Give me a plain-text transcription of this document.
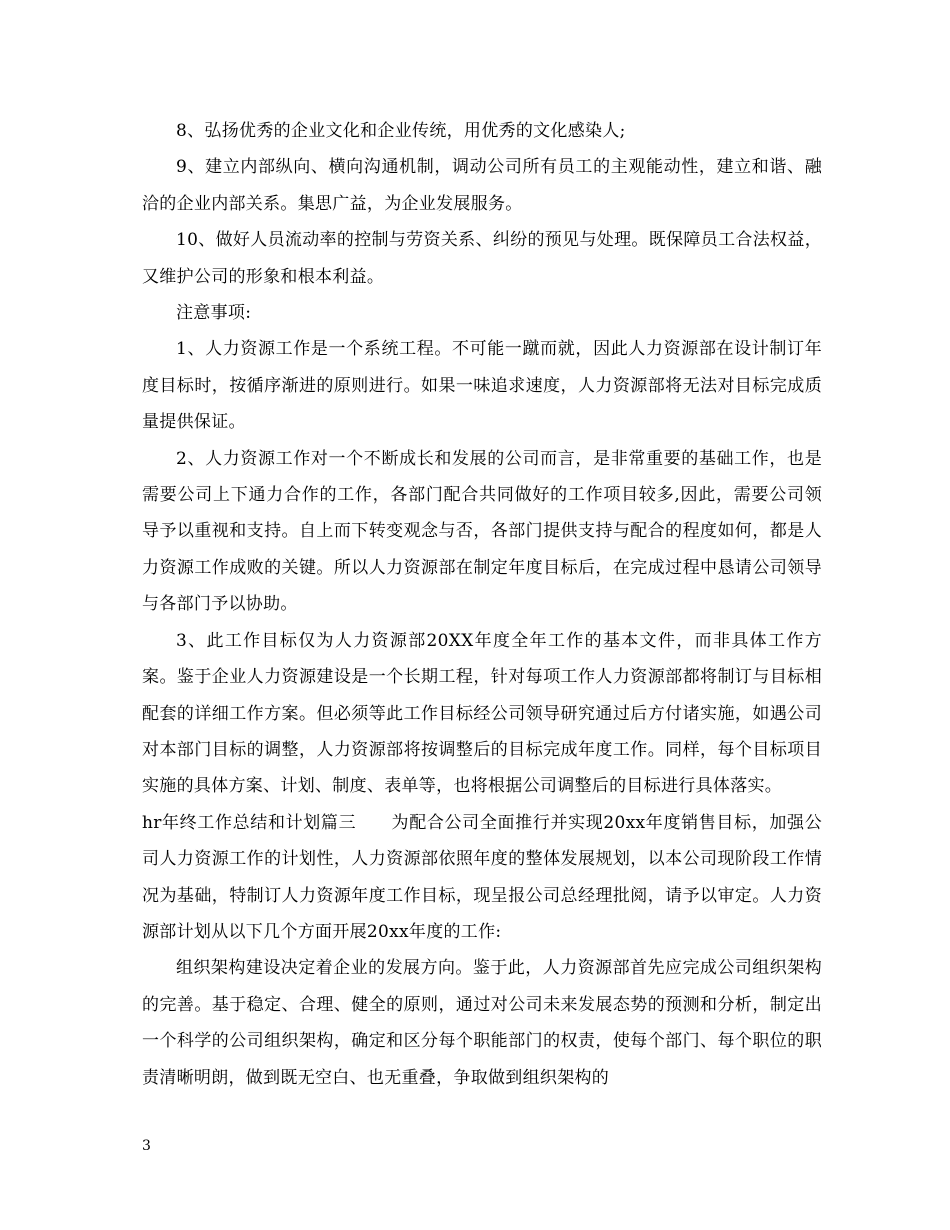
8、弘扬优秀的企业文化和企业传统，用优秀的文化感染人;

9、建立内部纵向、横向沟通机制，调动公司所有员工的主观能动性，建立和谐、融洽的企业内部关系。集思广益，为企业发展服务。

10、做好人员流动率的控制与劳资关系、纠纷的预见与处理。既保障员工合法权益，又维护公司的形象和根本利益。

注意事项:

1、人力资源工作是一个系统工程。不可能一蹴而就，因此人力资源部在设计制订年度目标时，按循序渐进的原则进行。如果一味追求速度，人力资源部将无法对目标完成质量提供保证。

2、人力资源工作对一个不断成长和发展的公司而言，是非常重要的基础工作，也是需要公司上下通力合作的工作，各部门配合共同做好的工作项目较多,因此，需要公司领导予以重视和支持。自上而下转变观念与否，各部门提供支持与配合的程度如何，都是人力资源工作成败的关键。所以人力资源部在制定年度目标后，在完成过程中恳请公司领导与各部门予以协助。

3、此工作目标仅为人力资源部20XX年度全年工作的基本文件，而非具体工作方案。鉴于企业人力资源建设是一个长期工程，针对每项工作人力资源部都将制订与目标相配套的详细工作方案。但必须等此工作目标经公司领导研究通过后方付诸实施，如遇公司对本部门目标的调整，人力资源部将按调整后的目标完成年度工作。同样，每个目标项目实施的具体方案、计划、制度、表单等，也将根据公司调整后的目标进行具体落实。

hr年终工作总结和计划篇三　　为配合公司全面推行并实现20xx年度销售目标，加强公司人力资源工作的计划性，人力资源部依照年度的整体发展规划，以本公司现阶段工作情况为基础，特制订人力资源年度工作目标，现呈报公司总经理批阅，请予以审定。人力资源部计划从以下几个方面开展20xx年度的工作:

组织架构建设决定着企业的发展方向。鉴于此，人力资源部首先应完成公司组织架构的完善。基于稳定、合理、健全的原则，通过对公司未来发展态势的预测和分析，制定出一个科学的公司组织架构，确定和区分每个职能部门的权责，使每个部门、每个职位的职责清晰明朗，做到既无空白、也无重叠，争取做到组织架构的

3
